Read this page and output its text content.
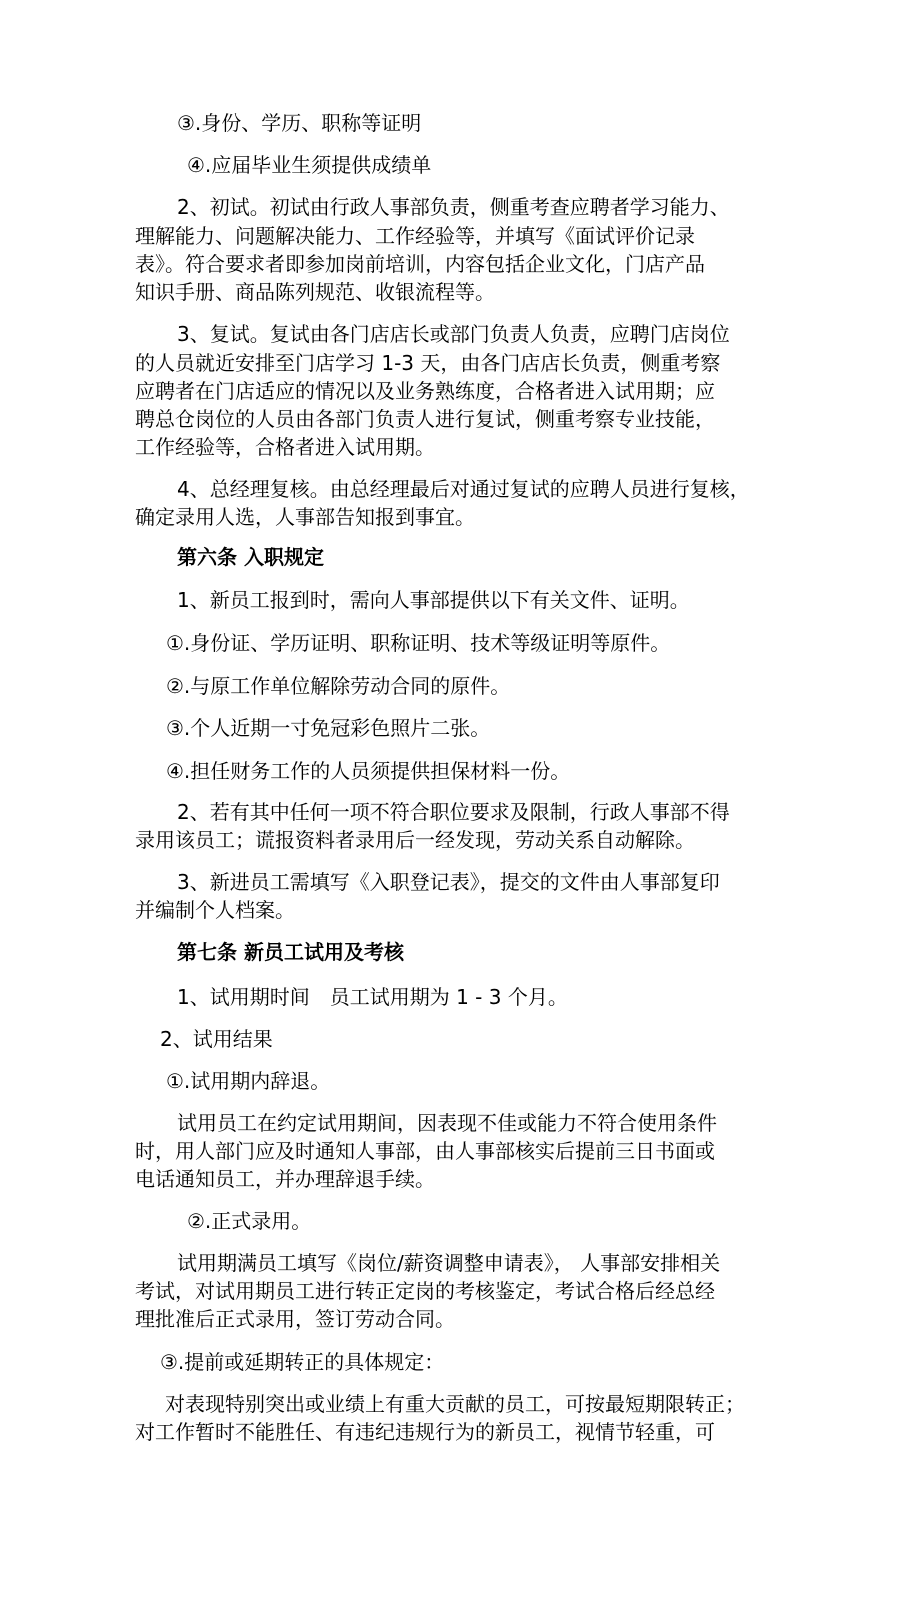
③.身份、学历、职称等证明
④.应届毕业生须提供成绩单
2、初试。初试由行政人事部负责，侧重考查应聘者学习能力、
理解能力、问题解决能力、工作经验等，并填写《面试评价记录
表》。符合要求者即参加岗前培训，内容包括企业文化，门店产品
知识手册、商品陈列规范、收银流程等。
3、复试。复试由各门店店长或部门负责人负责，应聘门店岗位
的人员就近安排至门店学习 1-3 天，由各门店店长负责，侧重考察
应聘者在门店适应的情况以及业务熟练度，合格者进入试用期；应
聘总仓岗位的人员由各部门负责人进行复试，侧重考察专业技能，
工作经验等，合格者进入试用期。
4、总经理复核。由总经理最后对通过复试的应聘人员进行复核，
确定录用人选，人事部告知报到事宜。
第六条 入职规定
1、新员工报到时，需向人事部提供以下有关文件、证明。
①.身份证、学历证明、职称证明、技术等级证明等原件。
②.与原工作单位解除劳动合同的原件。
③.个人近期一寸免冠彩色照片二张。
④.担任财务工作的人员须提供担保材料一份。
2、若有其中任何一项不符合职位要求及限制，行政人事部不得
录用该员工；谎报资料者录用后一经发现，劳动关系自动解除。
3、新进员工需填写《入职登记表》，提交的文件由人事部复印
并编制个人档案。
第七条 新员工试用及考核
1、试用期时间　员工试用期为 1 - 3 个月。
2、试用结果
①.试用期内辞退。
试用员工在约定试用期间，因表现不佳或能力不符合使用条件
时，用人部门应及时通知人事部，由人事部核实后提前三日书面或
电话通知员工，并办理辞退手续。
②.正式录用。
试用期满员工填写《岗位/薪资调整申请表》， 人事部安排相关
考试，对试用期员工进行转正定岗的考核鉴定，考试合格后经总经
理批准后正式录用，签订劳动合同。
③.提前或延期转正的具体规定：
对表现特别突出或业绩上有重大贡献的员工，可按最短期限转正；
对工作暂时不能胜任、有违纪违规行为的新员工，视情节轻重，可
